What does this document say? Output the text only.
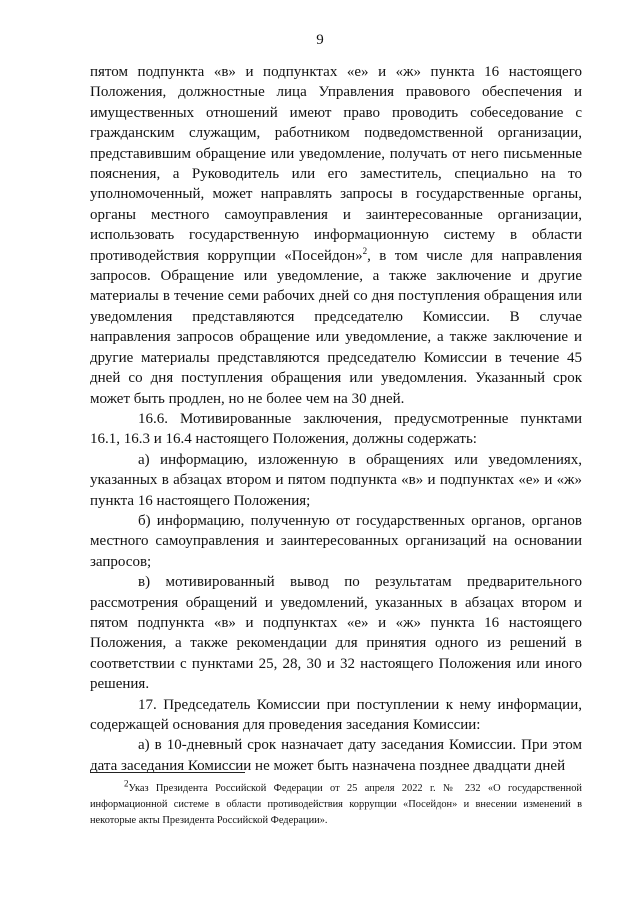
9

пятом подпункта «в» и подпунктах «е» и «ж» пункта 16 настоящего Положения, должностные лица Управления правового обеспечения и имущественных отношений имеют право проводить собеседование с гражданским служащим, работником подведомственной организации, представившим обращение или уведомление, получать от него письменные пояснения, а Руководитель или его заместитель, специально на то уполномоченный, может направлять запросы в государственные органы, органы местного самоуправления и заинтересованные организации, использовать государственную информационную систему в области противодействия коррупции «Посейдон»$^2$, в том числе для направления запросов. Обращение или уведомление, а также заключение и другие материалы в течение семи рабочих дней со дня поступления обращения или уведомления представляются председателю Комиссии. В случае направления запросов обращение или уведомление, а также заключение и другие материалы представляются председателю Комиссии в течение 45 дней со дня поступления обращения или уведомления. Указанный срок может быть продлен, но не более чем на 30 дней.

16.6. Мотивированные заключения, предусмотренные пунктами 16.1, 16.3 и 16.4 настоящего Положения, должны содержать:

а) информацию, изложенную в обращениях или уведомлениях, указанных в абзацах втором и пятом подпункта «в» и подпунктах «е» и «ж» пункта 16 настоящего Положения;

б) информацию, полученную от государственных органов, органов местного самоуправления и заинтересованных организаций на основании запросов;

в) мотивированный вывод по результатам предварительного рассмотрения обращений и уведомлений, указанных в абзацах втором и пятом подпункта «в» и подпунктах «е» и «ж» пункта 16 настоящего Положения, а также рекомендации для принятия одного из решений в соответствии с пунктами 25, 28, 30 и 32 настоящего Положения или иного решения.

17. Председатель Комиссии при поступлении к нему информации, содержащей основания для проведения заседания Комиссии:

а) в 10-дневный срок назначает дату заседания Комиссии. При этом дата заседания Комиссии не может быть назначена позднее двадцати дней

$^2$Указ Президента Российской Федерации от 25 апреля 2022 г. № 232 «О государственной информационной системе в области противодействия коррупции «Посейдон» и внесении изменений в некоторые акты Президента Российской Федерации».
